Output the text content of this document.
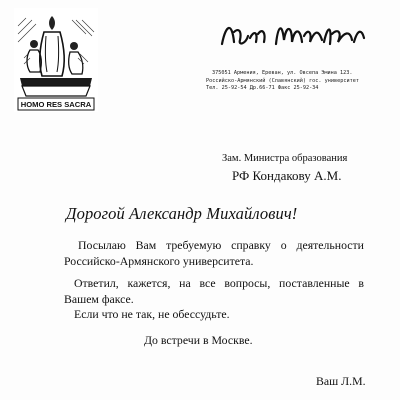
HOMO RES SACRA
375051 Армения, Ереван, ул. Овсепа Эмина 123.
Российско-Армянский (Славянский) гос. университет
Тел. 25-92-54 Др.66-71 Факс 25-92-34
Зам. Министра образования
РФ Кондакову А.М.
Дорогой Александр Михайлович!

Посылаю Вам требуемую справку о деятельности Российско-Армянского университета.

Ответил, кажется, на все вопросы, поставленные в Вашем факсе.

Если что не так, не обессудьте.

До встречи в Москве.

Ваш Л.М.
